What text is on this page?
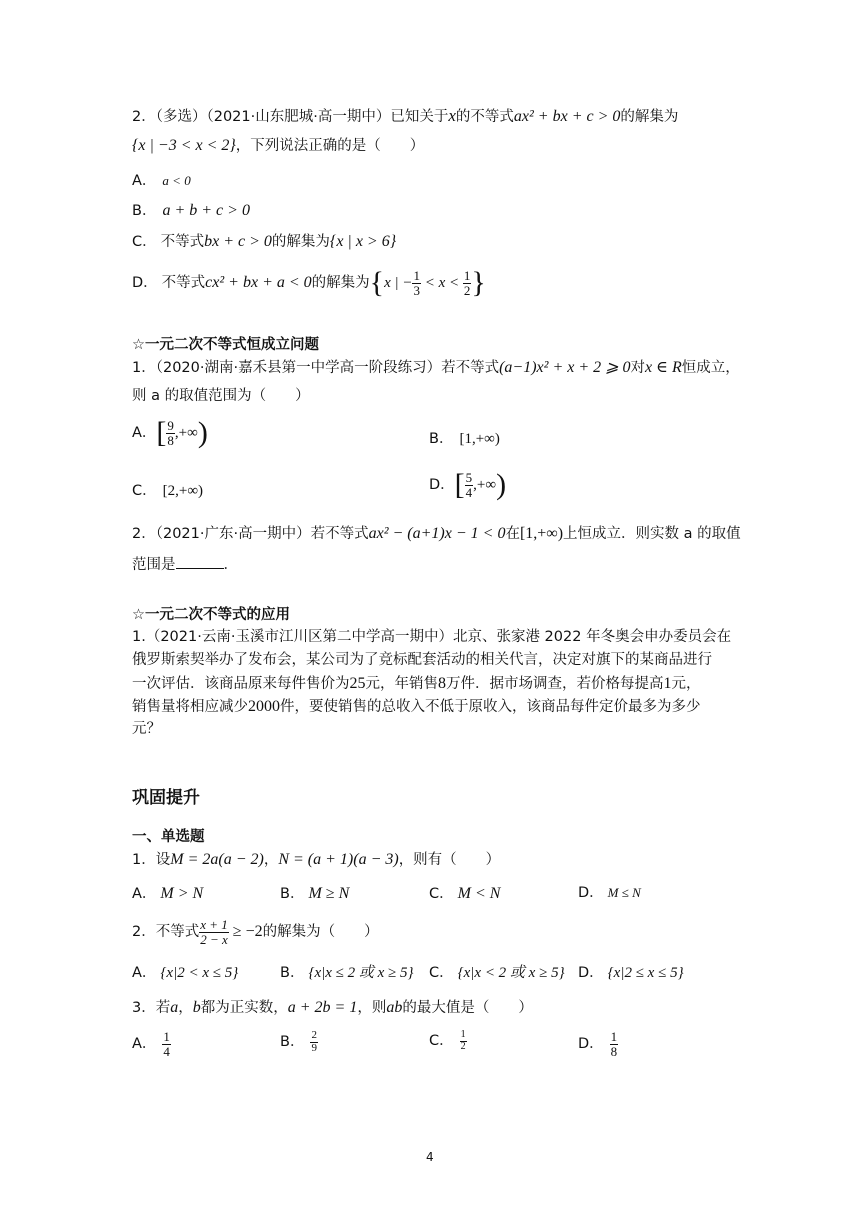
2．（多选）（2021·山东肥城·高一期中）已知关于x的不等式ax² + bx + c > 0的解集为
{x | −3 < x < 2}，下列说法正确的是（　　）
A． a < 0
B． a + b + c > 0
C． 不等式bx + c > 0的解集为{x | x > 6}
D． 不等式cx² + bx + a < 0的解集为{x | − $\frac{1}{3} < x < \frac{1}{2}$ }
☆一元二次不等式恒成立问题
1．（2020·湖南·嘉禾县第一中学高一阶段练习）若不等式(a−1)x² + x + 2 ⩾ 0对x ∈ R恒成立，
则 a 的取值范围为（　　）
A．[ $\frac{9}{8}$ ,+∞)	B． [1,+∞)
C． [2,+∞)	D．[ $\frac{5}{4}$ ,+∞)
2．（2021·广东·高一期中）若不等式ax² − (a+1)x − 1 < 0在[1,+∞)上恒成立．则实数 a 的取值
范围是	．
☆一元二次不等式的应用
1.（2021·云南·玉溪市江川区第二中学高一期中）北京、张家港 2022 年冬奥会申办委员会在
俄罗斯索契举办了发布会，某公司为了竞标配套活动的相关代言，决定对旗下的某商品进行
一次评估．该商品原来每件售价为25元，年销售8万件．据市场调查，若价格每提高1元，
销售量将相应减少2000件，要使销售的总收入不低于原收入，该商品每件定价最多为多少
元？
巩固提升
一、单选题
1．设M = 2a(a − 2)，N = (a + 1)(a − 3)，则有（　　）
A． M > N	B． M ≥ N	C． M < N	D． M ≤ N
2．不等式 $\frac{x + 1}{2 - x} \ge -2$的解集为（　　）
A． {x|2 < x ≤ 5}	B． {x|x ≤ 2 或 x ≥ 5} C． {x|x < 2 或 x ≥ 5} D． {x|2 ≤ x ≤ 5}
3．若a，b都为正实数，a + 2b = 1，则ab的最大值是（　　）
A． $\frac{1}{4}$	B． $\frac{2}{9}$	C． $\frac{1}{2}$	D． $\frac{1}{8}$
4
